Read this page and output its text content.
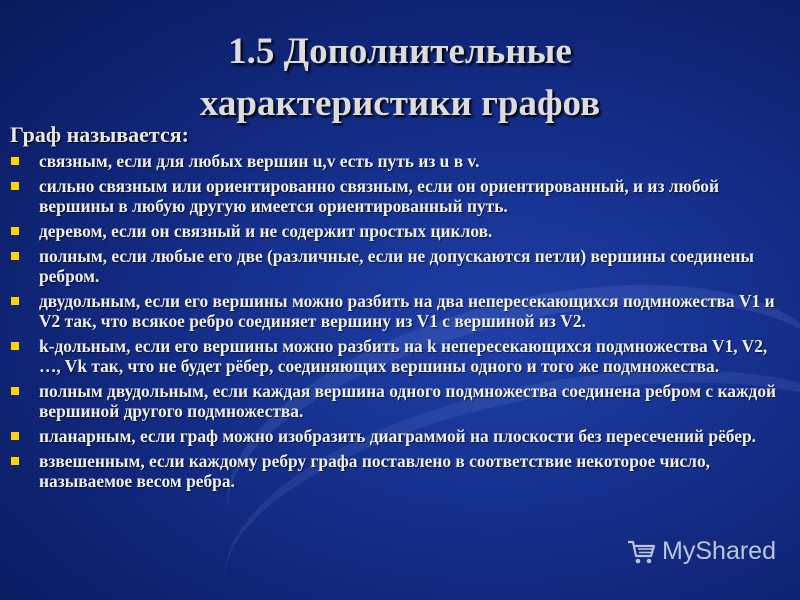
1.5 Дополнительные
характеристики графов
Граф называется:
связным, если для любых вершин u,v есть путь из u в v.
сильно связным или ориентированно связным, если он ориентированный, и из любой вершины в любую другую имеется ориентированный путь.
деревом, если он связный и не содержит простых циклов.
полным, если любые его две (различные, если не допускаются петли) вершины соединены ребром.
двудольным, если его вершины можно разбить на два непересекающихся подмножества V1 и V2 так, что всякое ребро соединяет вершину из V1 с вершиной из V2.
k-дольным, если его вершины можно разбить на k непересекающихся подмножества V1, V2, …, Vk так, что не будет рёбер, соединяющих вершины одного и того же подмножества.
полным двудольным, если каждая вершина одного подмножества соединена ребром с каждой вершиной другого подмножества.
планарным, если граф можно изобразить диаграммой на плоскости без пересечений рёбер.
взвешенным, если каждому ребру графа поставлено в соответствие некоторое число, называемое весом ребра.
MyShared
